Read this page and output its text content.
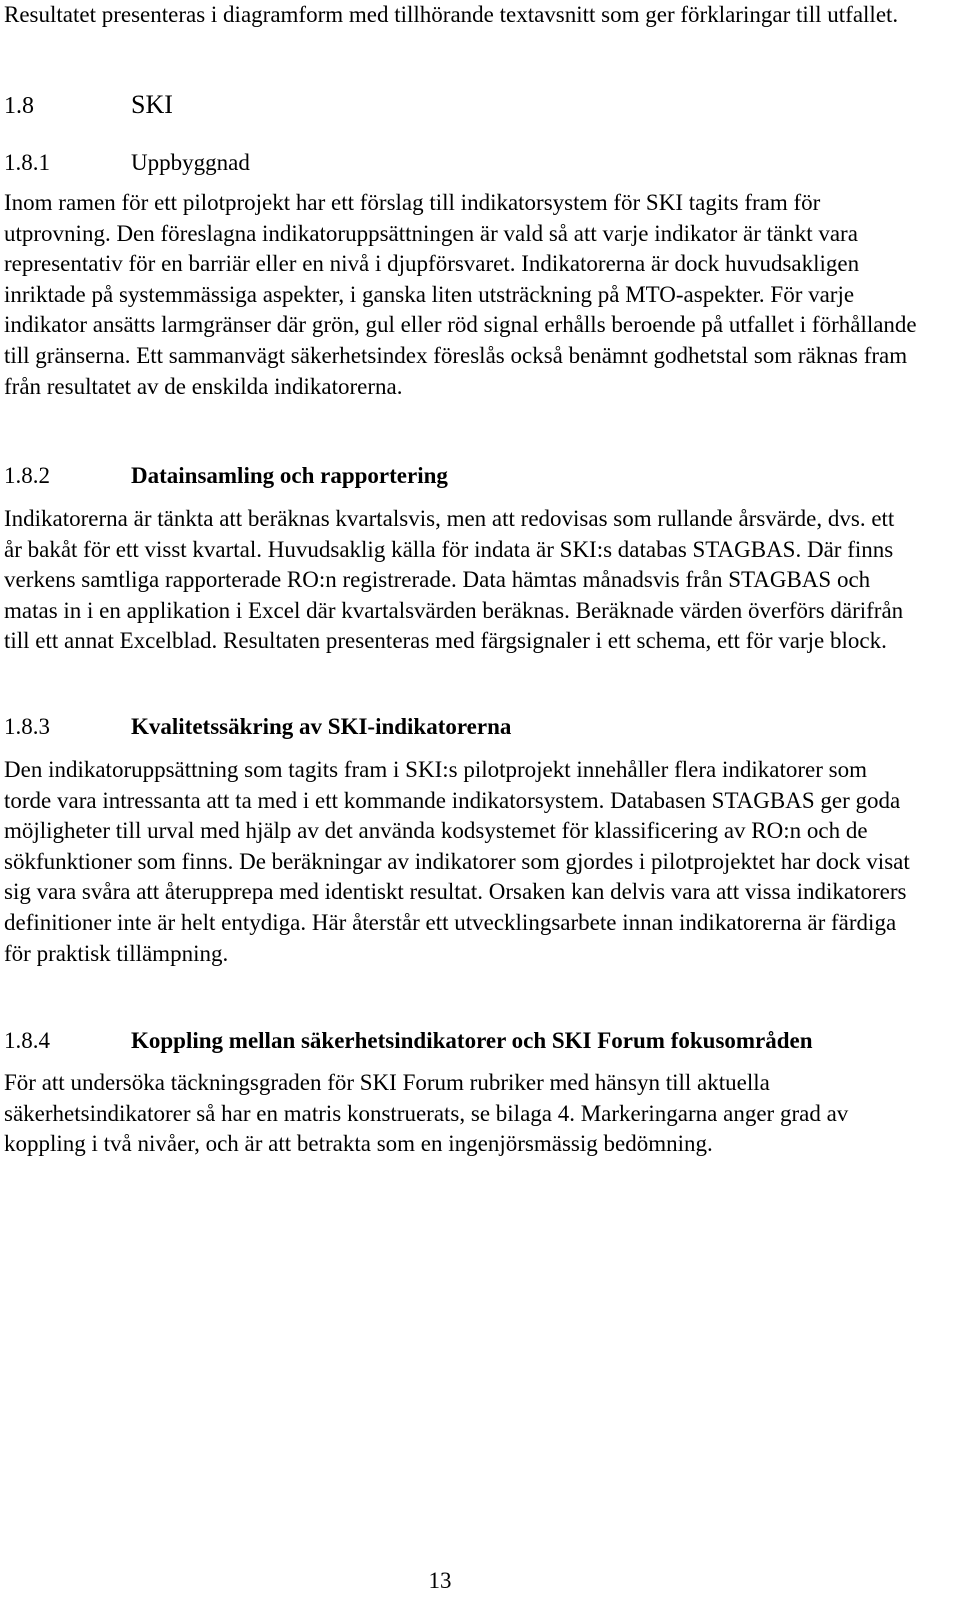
Resultatet presenteras i diagramform med tillhörande textavsnitt som ger förklaringar till utfallet.

1.8	SKI
1.8.1	Uppbyggnad

Inom ramen för ett pilotprojekt har ett förslag till indikatorsystem för SKI tagits fram för utprovning. Den föreslagna indikatoruppsättningen är vald så att varje indikator är tänkt vara representativ för en barriär eller en nivå i djupförsvaret. Indikatorerna är dock huvudsakligen inriktade på systemmässiga aspekter, i ganska liten utsträckning på MTO-aspekter. För varje indikator ansätts larmgränser där grön, gul eller röd signal erhålls beroende på utfallet i förhållande till gränserna. Ett sammanvägt säkerhetsindex föreslås också benämnt godhetstal som räknas fram från resultatet av de enskilda indikatorerna.

1.8.2	Datainsamling och rapportering

Indikatorerna är tänkta att beräknas kvartalsvis, men att redovisas som rullande årsvärde, dvs. ett år bakåt för ett visst kvartal. Huvudsaklig källa för indata är SKI:s databas STAGBAS. Där finns verkens samtliga rapporterade RO:n registrerade. Data hämtas månadsvis från STAGBAS och matas in i en applikation i Excel där kvartalsvärden beräknas. Beräknade värden överförs därifrån till ett annat Excelblad. Resultaten presenteras med färgsignaler i ett schema, ett för varje block.

1.8.3	Kvalitetssäkring av SKI-indikatorerna

Den indikatoruppsättning som tagits fram i SKI:s pilotprojekt innehåller flera indikatorer som torde vara intressanta att ta med i ett kommande indikatorsystem. Databasen STAGBAS ger goda möjligheter till urval med hjälp av det använda kodsystemet för klassificering av RO:n och de sökfunktioner som finns. De beräkningar av indikatorer som gjordes i pilotprojektet har dock visat sig vara svåra att återupprepa med identiskt resultat. Orsaken kan delvis vara att vissa indikatorers definitioner inte är helt entydiga. Här återstår ett utvecklingsarbete innan indikatorerna är färdiga för praktisk tillämpning.

1.8.4	Koppling mellan säkerhetsindikatorer och SKI Forum fokusområden

För att undersöka täckningsgraden för SKI Forum rubriker med hänsyn till aktuella säkerhetsindikatorer så har en matris konstruerats, se bilaga 4. Markeringarna anger grad av koppling i två nivåer, och är att betrakta som en ingenjörsmässig bedömning.

13
